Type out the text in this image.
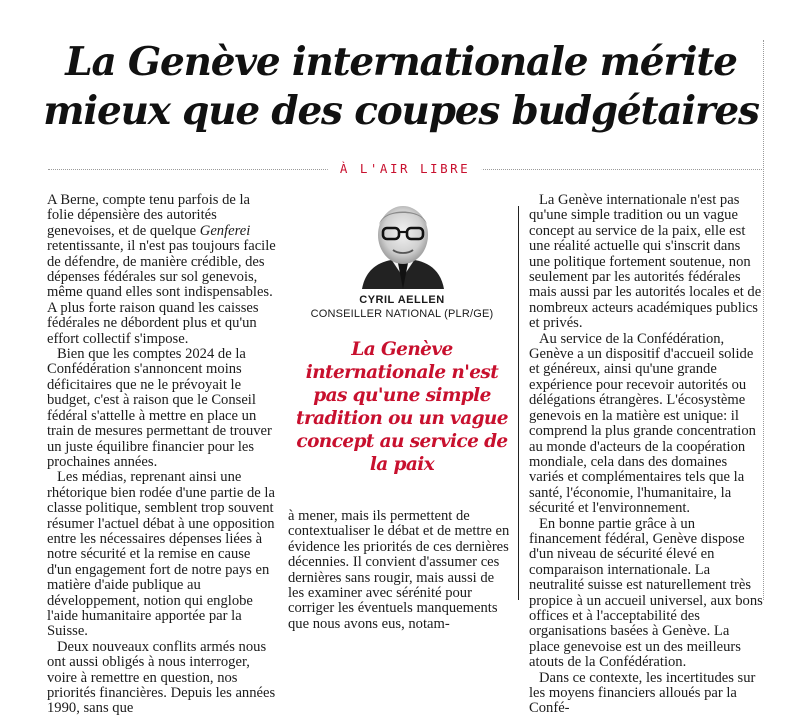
La Genève internationale mérite
mieux que des coupes budgétaires
À L'AIR LIBRE

A Berne, compte tenu parfois de la folie dépensière des autorités genevoises, et de quelque Genferei retentissante, il n'est pas toujours facile de défendre, de manière crédible, des dépenses fédérales sur sol genevois, même quand elles sont indispensables. A plus forte raison quand les caisses fédérales ne débordent plus et qu'un effort collectif s'impose.

Bien que les comptes 2024 de la Confédération s'annoncent moins déficitaires que ne le prévoyait le budget, c'est à raison que le Conseil fédéral s'attelle à mettre en place un train de mesures permettant de trouver un juste équilibre financier pour les prochaines années.

Les médias, reprenant ainsi une rhétorique bien rodée d'une partie de la classe politique, semblent trop souvent résumer l'actuel débat à une opposition entre les nécessaires dépenses liées à notre sécurité et la remise en cause d'un engagement fort de notre pays en matière d'aide publique au développement, notion qui englobe l'aide humanitaire apportée par la Suisse.

Deux nouveaux conflits armés nous ont aussi obligés à nous interroger, voire à remettre en question, nos priorités financières. Depuis les années 1990, sans que

CYRIL AELLEN
CONSEILLER NATIONAL (PLR/GE)

La Genève internationale n'est pas qu'une simple tradition ou un vague concept au service de la paix

à mener, mais ils permettent de contextualiser le débat et de mettre en évidence les priorités de ces dernières décennies. Il convient d'assumer ces dernières sans rougir, mais aussi de les examiner avec sérénité pour corriger les éventuels manquements que nous avons eus, notam-

La Genève internationale n'est pas qu'une simple tradition ou un vague concept au service de la paix, elle est une réalité actuelle qui s'inscrit dans une politique fortement soutenue, non seulement par les autorités fédérales mais aussi par les autorités locales et de nombreux acteurs académiques publics et privés.

Au service de la Confédération, Genève a un dispositif d'accueil solide et généreux, ainsi qu'une grande expérience pour recevoir autorités ou délégations étrangères. L'écosystème genevois en la matière est unique: il comprend la plus grande concentration au monde d'acteurs de la coopération mondiale, cela dans des domaines variés et complémentaires tels que la santé, l'économie, l'humanitaire, la sécurité et l'environnement.

En bonne partie grâce à un financement fédéral, Genève dispose d'un niveau de sécurité élevé en comparaison internationale. La neutralité suisse est naturellement très propice à un accueil universel, aux bons offices et à l'acceptabilité des organisations basées à Genève. La place genevoise est un des meilleurs atouts de la Confédération.

Dans ce contexte, les incertitudes sur les moyens financiers alloués par la Confé-
